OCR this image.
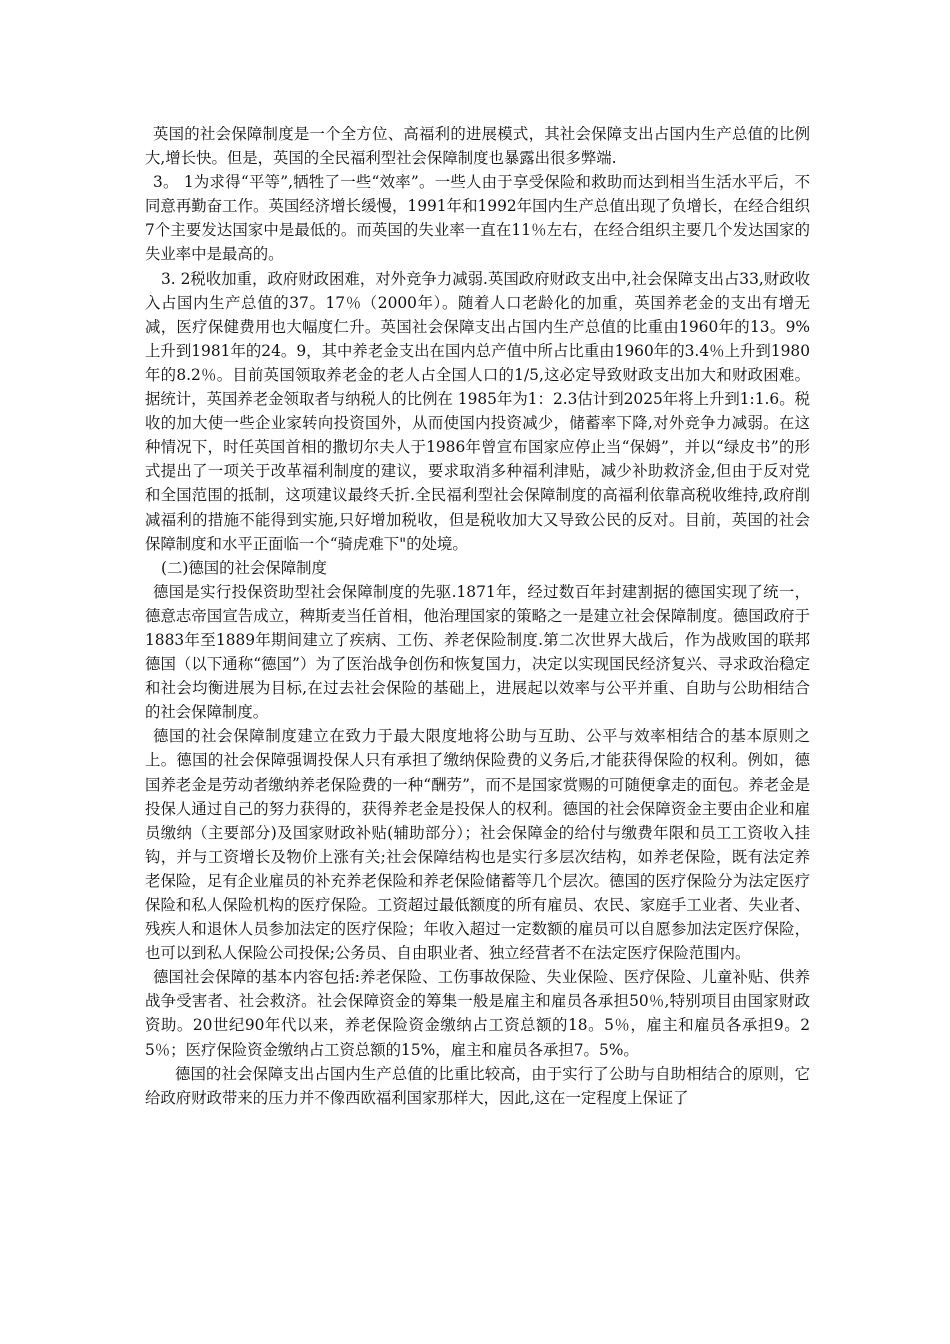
英国的社会保障制度是一个全方位、高福利的进展模式，其社会保障支出占国内生产总值的比例大,增长快。但是，英国的全民福利型社会保障制度也暴露出很多弊端.

3。 1为求得“平等”,牺牲了一些“效率”。一些人由于享受保险和救助而达到相当生活水平后，不同意再勤奋工作。英国经济增长缓慢，1991年和1992年国内生产总值出现了负增长，在经合组织7个主要发达国家中是最低的。而英国的失业率一直在11％左右，在经合组织主要几个发达国家的失业率中是最高的。

3. 2税收加重，政府财政困难，对外竞争力减弱.英国政府财政支出中,社会保障支出占33,财政收入占国内生产总值的37。17％（2000年）。随着人口老龄化的加重，英国养老金的支出有增无减，医疗保健费用也大幅度仁升。英国社会保障支出占国内生产总值的比重由1960年的13。9%上升到1981年的24。9，其中养老金支出在国内总产值中所占比重由1960年的3.4％上升到1980年的8.2％。目前英国领取养老金的老人占全国人口的1/5,这必定导致财政支出加大和财政困难。据统计，英国养老金领取者与纳税人的比例在 1985年为1：2.3估计到2025年将上升到1:1.6。税收的加大使一些企业家转向投资国外，从而使国内投资减少，储蓄率下降,对外竞争力减弱。在这种情况下，时任英国首相的撒切尔夫人于1986年曾宣布国家应停止当“保姆”，并以“绿皮书”的形式提出了一项关于改革福利制度的建议，要求取消多种福利津贴，减少补助救济金,但由于反对党和全国范围的抵制，这项建议最终夭折.全民福利型社会保障制度的高福利依靠高税收维持,政府削减福利的措施不能得到实施,只好增加税收，但是税收加大又导致公民的反对。目前，英国的社会保障制度和水平正面临一个“骑虎难下"的处境。

(二)德国的社会保障制度

德国是实行投保资助型社会保障制度的先驱.1871年，经过数百年封建割据的德国实现了统一，德意志帝国宣告成立，稗斯麦当任首相，他治理国家的策略之一是建立社会保障制度。德国政府于1883年至1889年期间建立了疾病、工伤、养老保险制度.第二次世界大战后，作为战败国的联邦德国（以下通称“德国”）为了医治战争创伤和恢复国力，决定以实现国民经济复兴、寻求政治稳定和社会均衡进展为目标,在过去社会保险的基础上，进展起以效率与公平并重、自助与公助相结合的社会保障制度。

德国的社会保障制度建立在致力于最大限度地将公助与互助、公平与效率相结合的基本原则之上。德国的社会保障强调投保人只有承担了缴纳保险费的义务后,才能获得保险的权利。例如，德国养老金是劳动者缴纳养老保险费的一种“酬劳”，而不是国家赏赐的可随便拿走的面包。养老金是投保人通过自己的努力获得的，获得养老金是投保人的权利。德国的社会保障资金主要由企业和雇员缴纳（主要部分)及国家财政补贴(辅助部分）；社会保障金的给付与缴费年限和员工工资收入挂钩，并与工资增长及物价上涨有关;社会保障结构也是实行多层次结构，如养老保险，既有法定养老保险，足有企业雇员的补充养老保险和养老保险储蓄等几个层次。德国的医疗保险分为法定医疗保险和私人保险机构的医疗保险。工资超过最低额度的所有雇员、农民、家庭手工业者、失业者、残疾人和退休人员参加法定的医疗保险；年收入超过一定数额的雇员可以自愿参加法定医疗保险，也可以到私人保险公司投保;公务员、自由职业者、独立经营者不在法定医疗保险范围内。

德国社会保障的基本内容包括:养老保险、工伤事故保险、失业保险、医疗保险、儿童补贴、供养战争受害者、社会救济。社会保障资金的筹集一般是雇主和雇员各承担50％,特别项目由国家财政资助。20世纪90年代以来，养老保险资金缴纳占工资总额的18。5％，雇主和雇员各承担9。25％；医疗保险资金缴纳占工资总额的15%，雇主和雇员各承担7。5%。

德国的社会保障支出占国内生产总值的比重比较高，由于实行了公助与自助相结合的原则，它给政府财政带来的压力并不像西欧福利国家那样大，因此,这在一定程度上保证了
